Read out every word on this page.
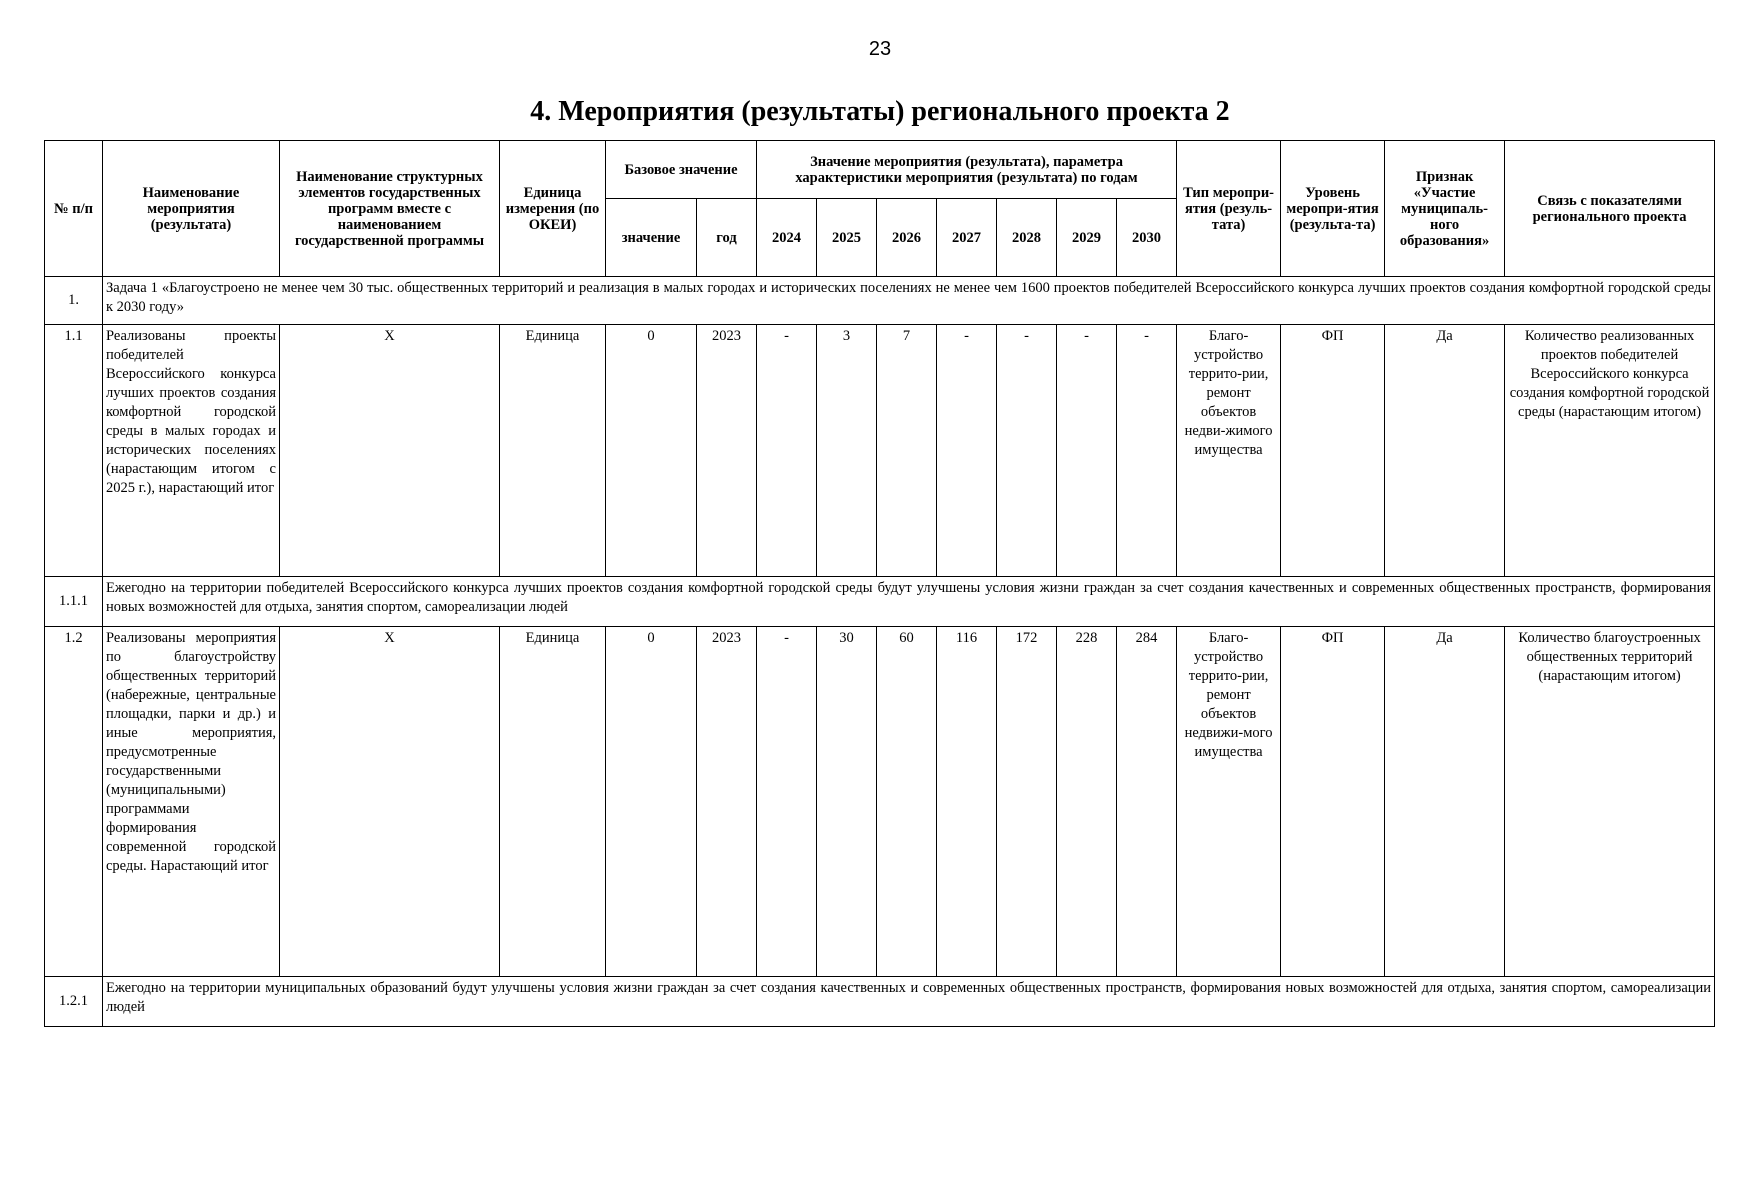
23
4. Мероприятия (результаты) регионального проекта 2
№ п/п	Наименование мероприятия (результата)	Наименование структурных элементов государственных программ вместе с наименованием государственной программы	Единица измерения (по ОКЕИ)	Базовое значение		Значение мероприятия (результата), параметра характеристики мероприятия (результата) по годам							Тип меропри-ятия (резуль-тата)	Уровень меропри-ятия (результа-та)	Признак «Участие муниципаль-ного образования»	Связь с показателями регионального проекта
				значение	год	2024	2025	2026	2027	2028	2029	2030				
1.	Задача 1 «Благоустроено не менее чем 30 тыс. общественных территорий и реализация в малых городах и исторических поселениях не менее чем 1600 проектов победителей Всероссийского конкурса лучших проектов создания комфортной городской среды к 2030 году»															
1.1	Реализованы проекты победителей Всероссийского конкурса лучших проектов создания комфортной городской среды в малых городах и исторических поселениях (нарастающим итогом с 2025 г.), нарастающий итог	X	Единица	0	2023	-	3	7	-	-	-	-	Благо-устройство террито-рии, ремонт объектов недви-жимого имущества	ФП	Да	Количество реализованных проектов победителей Всероссийского конкурса создания комфортной городской среды (нарастающим итогом)
1.1.1	Ежегодно на территории победителей Всероссийского конкурса лучших проектов создания комфортной городской среды будут улучшены условия жизни граждан за счет создания качественных и современных общественных пространств, формирования новых возможностей для отдыха, занятия спортом, самореализации людей															
1.2	Реализованы мероприятия по благоустройству общественных территорий (набережные, центральные площадки, парки и др.) и иные мероприятия, предусмотренные государственными (муниципальными) программами формирования современной городской среды. Нарастающий итог	X	Единица	0	2023	-	30	60	116	172	228	284	Благо-устройство террито-рии, ремонт объектов недвижи-мого имущества	ФП	Да	Количество благоустроенных общественных территорий (нарастающим итогом)
1.2.1	Ежегодно на территории муниципальных образований будут улучшены условия жизни граждан за счет создания качественных и современных общественных пространств, формирования новых возможностей для отдыха, занятия спортом, самореализации людей															
